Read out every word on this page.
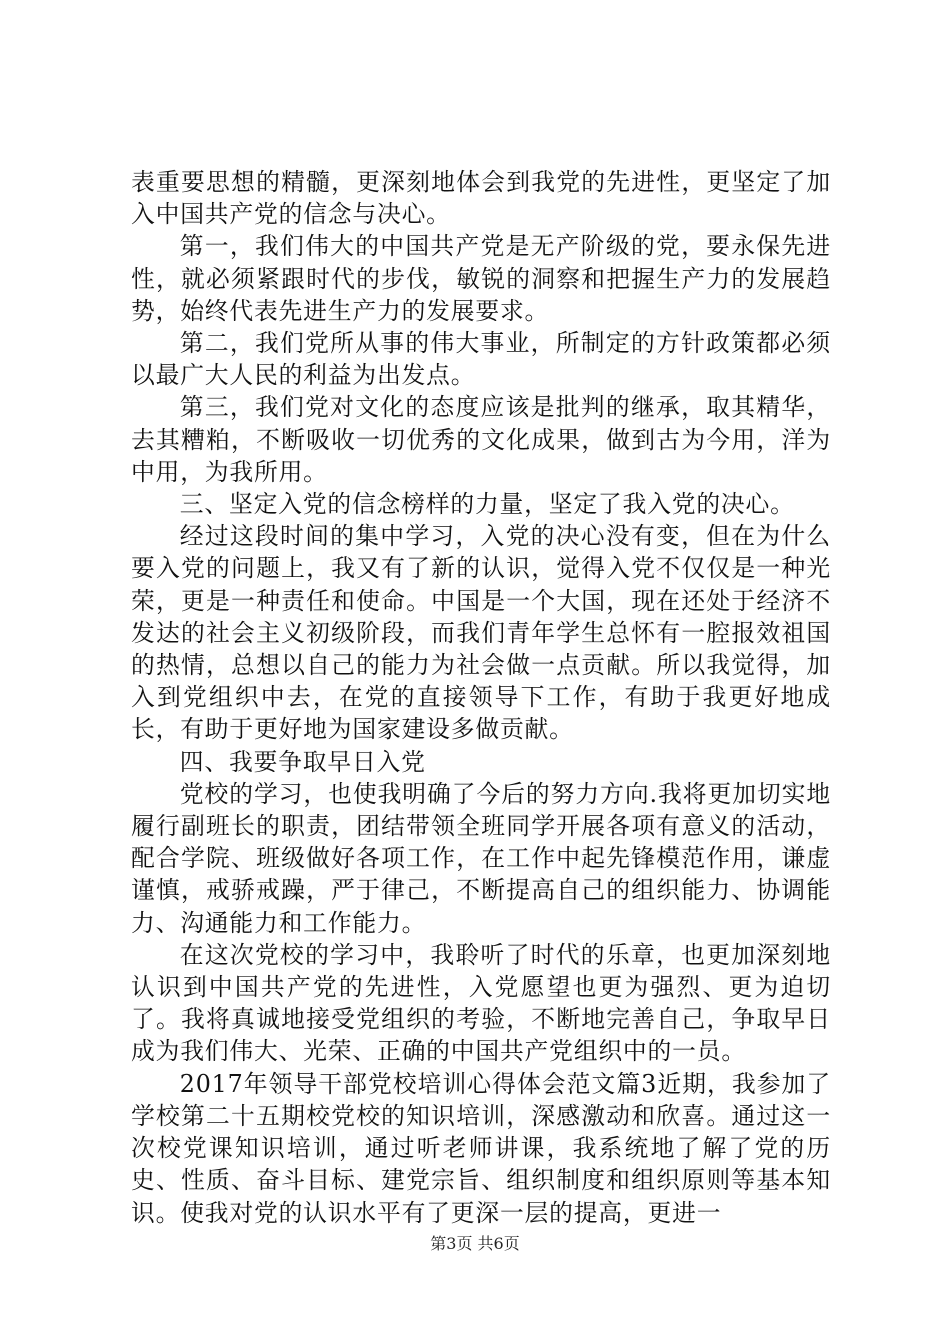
表重要思想的精髓，更深刻地体会到我党的先进性，更坚定了加入中国共产党的信念与决心。

第一，我们伟大的中国共产党是无产阶级的党，要永保先进性，就必须紧跟时代的步伐，敏锐的洞察和把握生产力的发展趋势，始终代表先进生产力的发展要求。

第二，我们党所从事的伟大事业，所制定的方针政策都必须以最广大人民的利益为出发点。

第三，我们党对文化的态度应该是批判的继承，取其精华，去其糟粕，不断吸收一切优秀的文化成果，做到古为今用，洋为中用，为我所用。

三、坚定入党的信念榜样的力量，坚定了我入党的决心。

经过这段时间的集中学习，入党的决心没有变，但在为什么要入党的问题上，我又有了新的认识，觉得入党不仅仅是一种光荣，更是一种责任和使命。中国是一个大国，现在还处于经济不发达的社会主义初级阶段，而我们青年学生总怀有一腔报效祖国的热情，总想以自己的能力为社会做一点贡献。所以我觉得，加入到党组织中去，在党的直接领导下工作，有助于我更好地成长，有助于更好地为国家建设多做贡献。

四、我要争取早日入党

党校的学习，也使我明确了今后的努力方向.我将更加切实地履行副班长的职责，团结带领全班同学开展各项有意义的活动，配合学院、班级做好各项工作，在工作中起先锋模范作用，谦虚谨慎，戒骄戒躁，严于律己，不断提高自己的组织能力、协调能力、沟通能力和工作能力。

在这次党校的学习中，我聆听了时代的乐章，也更加深刻地认识到中国共产党的先进性，入党愿望也更为强烈、更为迫切了。我将真诚地接受党组织的考验，不断地完善自己，争取早日成为我们伟大、光荣、正确的中国共产党组织中的一员。

2017年领导干部党校培训心得体会范文篇3近期，我参加了学校第二十五期校党校的知识培训，深感激动和欣喜。通过这一次校党课知识培训，通过听老师讲课，我系统地了解了党的历史、性质、奋斗目标、建党宗旨、组织制度和组织原则等基本知识。使我对党的认识水平有了更深一层的提高，更进一

第3页 共6页
